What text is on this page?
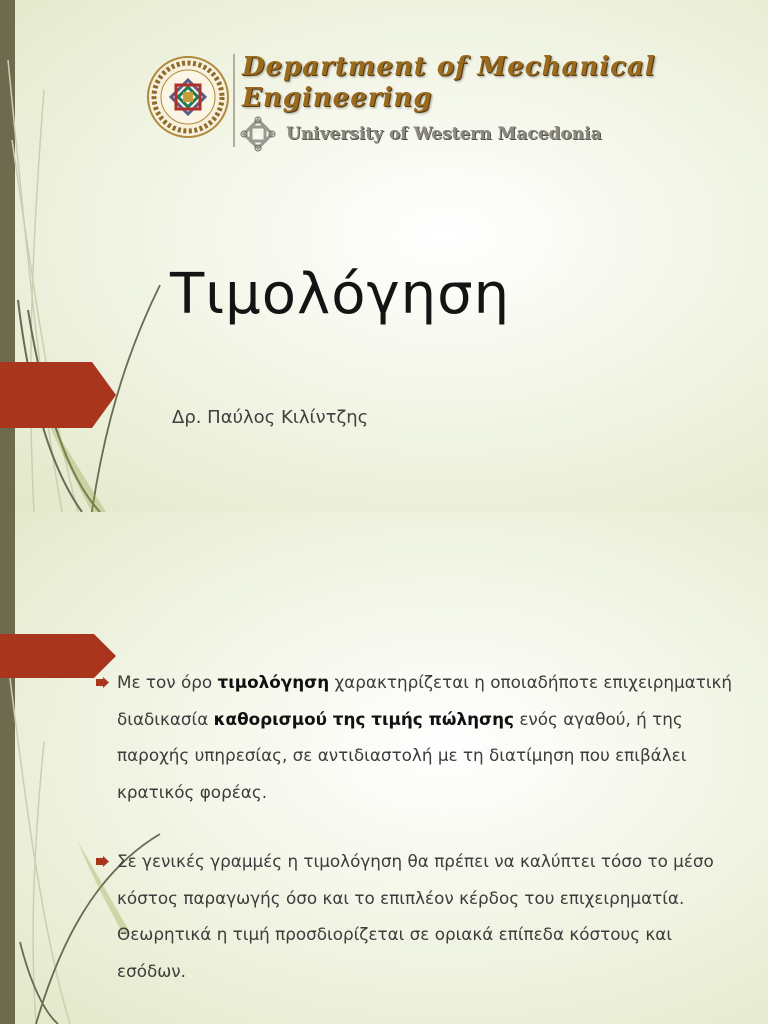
Department of Mechanical
Engineering
University of Western Macedonia
Τιμολόγηση
Δρ. Παύλος Κιλίντζης
Με τον όρο τιμολόγηση χαρακτηρίζεται η οποιαδήποτε επιχειρηματική διαδικασία καθορισμού της τιμής πώλησης ενός αγαθού, ή της παροχής υπηρεσίας, σε αντιδιαστολή με τη διατίμηση που επιβάλει κρατικός φορέας.
Σε γενικές γραμμές η τιμολόγηση θα πρέπει να καλύπτει τόσο το μέσο κόστος παραγωγής όσο και το επιπλέον κέρδος του επιχειρηματία. Θεωρητικά η τιμή προσδιορίζεται σε οριακά επίπεδα κόστους και εσόδων.
